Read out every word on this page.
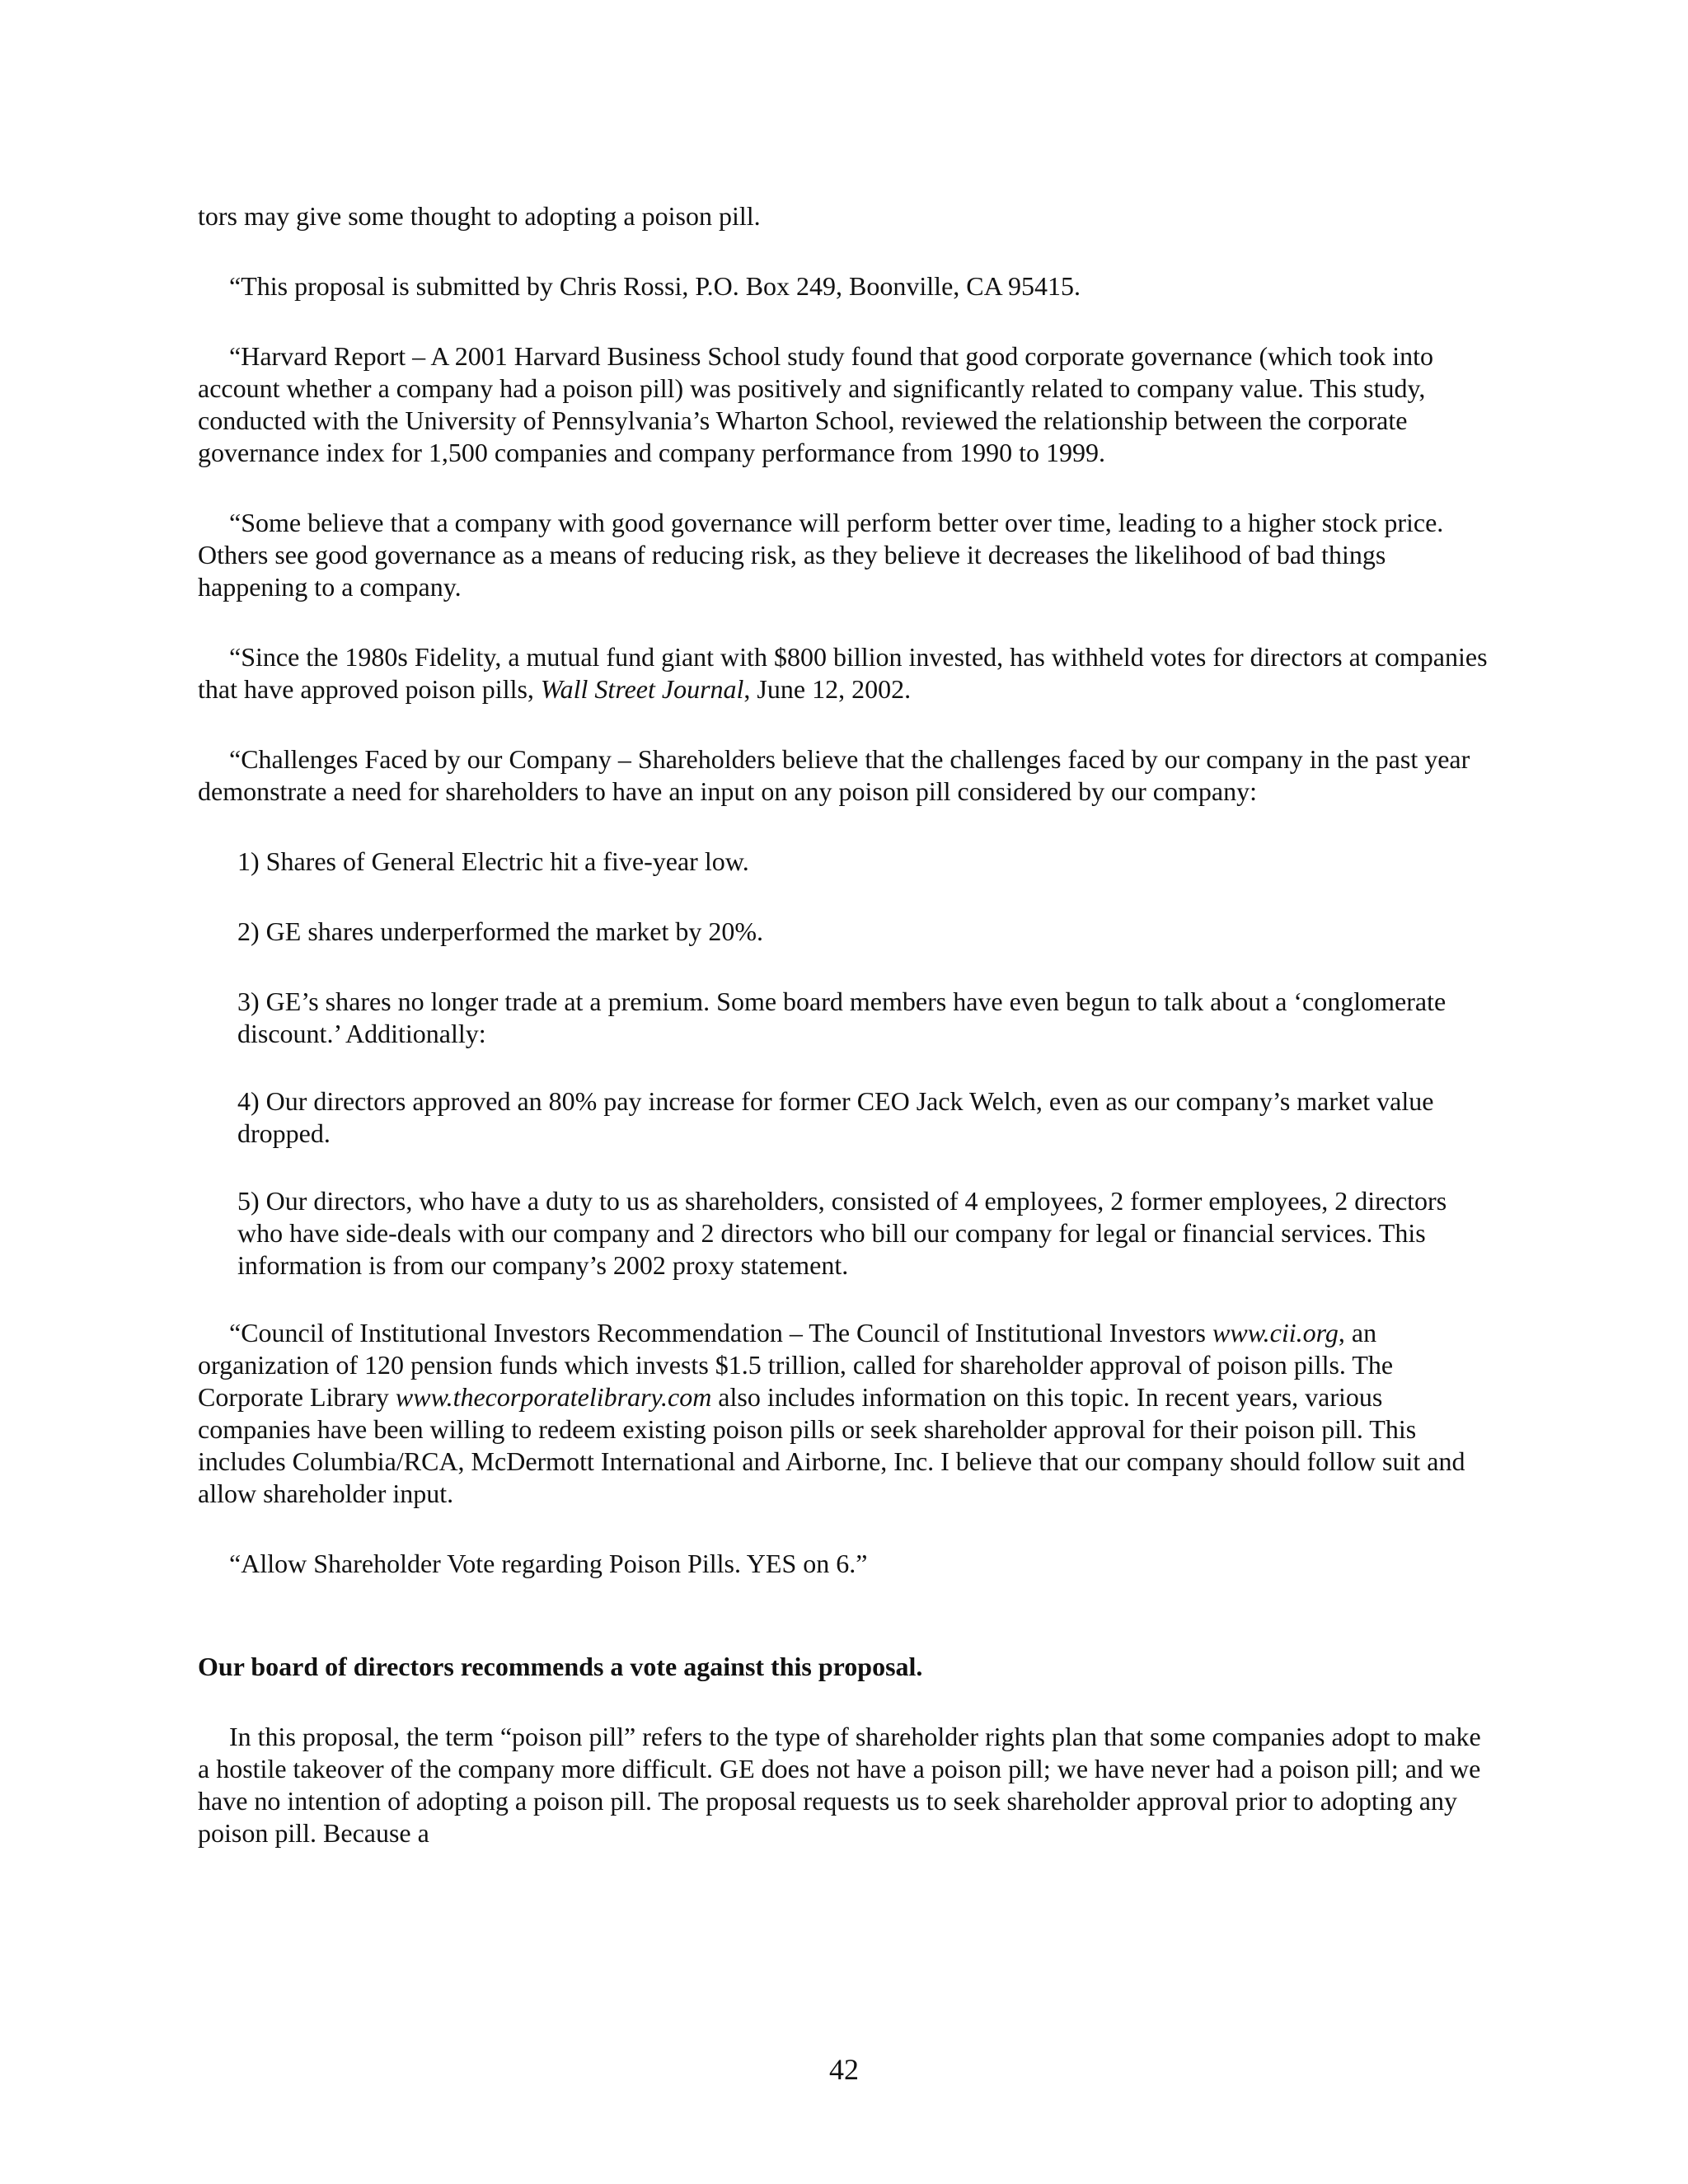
tors may give some thought to adopting a poison pill.

“This proposal is submitted by Chris Rossi, P.O. Box 249, Boonville, CA 95415.

“Harvard Report – A 2001 Harvard Business School study found that good corporate governance (which took into account whether a company had a poison pill) was positively and significantly related to company value. This study, conducted with the University of Pennsylvania’s Wharton School, reviewed the relationship between the corporate governance index for 1,500 companies and company performance from 1990 to 1999.

“Some believe that a company with good governance will perform better over time, leading to a higher stock price. Others see good governance as a means of reducing risk, as they believe it decreases the likelihood of bad things happening to a company.

“Since the 1980s Fidelity, a mutual fund giant with $800 billion invested, has withheld votes for directors at companies that have approved poison pills, Wall Street Journal, June 12, 2002.

“Challenges Faced by our Company – Shareholders believe that the challenges faced by our company in the past year demonstrate a need for shareholders to have an input on any poison pill considered by our company:

1) Shares of General Electric hit a five-year low.

2) GE shares underperformed the market by 20%.

3) GE’s shares no longer trade at a premium. Some board members have even begun to talk about a ‘conglomerate discount.’ Additionally:

4) Our directors approved an 80% pay increase for former CEO Jack Welch, even as our company’s market value dropped.

5) Our directors, who have a duty to us as shareholders, consisted of 4 employees, 2 former employees, 2 directors who have side-deals with our company and 2 directors who bill our company for legal or financial services. This information is from our company’s 2002 proxy statement.

“Council of Institutional Investors Recommendation – The Council of Institutional Investors www.cii.org, an organization of 120 pension funds which invests $1.5 trillion, called for shareholder approval of poison pills. The Corporate Library www.thecorporatelibrary.com also includes information on this topic. In recent years, various companies have been willing to redeem existing poison pills or seek shareholder approval for their poison pill. This includes Columbia/RCA, McDermott International and Airborne, Inc. I believe that our company should follow suit and allow shareholder input.

“Allow Shareholder Vote regarding Poison Pills. YES on 6.”

Our board of directors recommends a vote against this proposal.

In this proposal, the term “poison pill” refers to the type of shareholder rights plan that some companies adopt to make a hostile takeover of the company more difficult. GE does not have a poison pill; we have never had a poison pill; and we have no intention of adopting a poison pill. The proposal requests us to seek shareholder approval prior to adopting any poison pill. Because a

42
